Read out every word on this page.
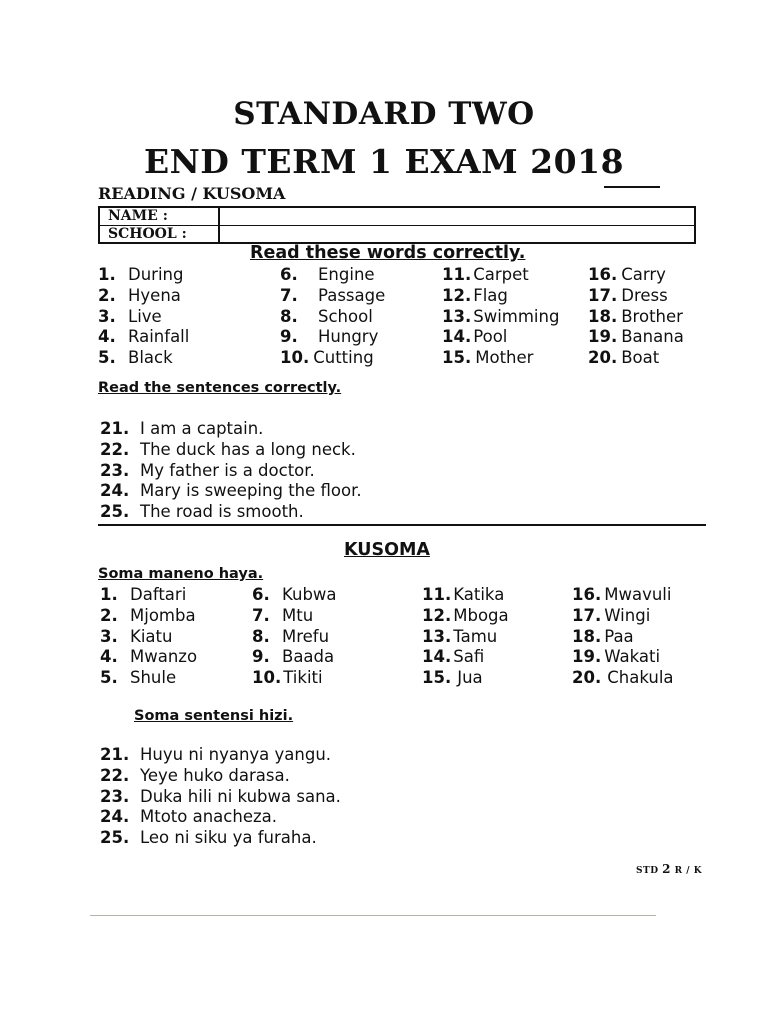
STANDARD TWO
END TERM 1 EXAM 2018
READING / KUSOMA
NAME :
SCHOOL :
Read these words correctly.
1. During
2. Hyena
3. Live
4. Rainfall
5. Black
6. Engine
7. Passage
8. School
9. Hungry
10. Cutting
11. Carpet
12. Flag
13. Swimming
14. Pool
15. Mother
16. Carry
17. Dress
18. Brother
19. Banana
20. Boat
Read the sentences correctly.
21. I am a captain.
22. The duck has a long neck.
23. My father is a doctor.
24. Mary is sweeping the floor.
25. The road is smooth.
KUSOMA
Soma maneno haya.
1. Daftari
2. Mjomba
3. Kiatu
4. Mwanzo
5. Shule
6. Kubwa
7. Mtu
8. Mrefu
9. Baada
10. Tikiti
11. Katika
12. Mboga
13. Tamu
14. Safi
15. Jua
16. Mwavuli
17. Wingi
18. Paa
19. Wakati
20. Chakula
Soma sentensi hizi.
21. Huyu ni nyanya yangu.
22. Yeye huko darasa.
23. Duka hili ni kubwa sana.
24. Mtoto anacheza.
25. Leo ni siku ya furaha.
STD 2 R / K
